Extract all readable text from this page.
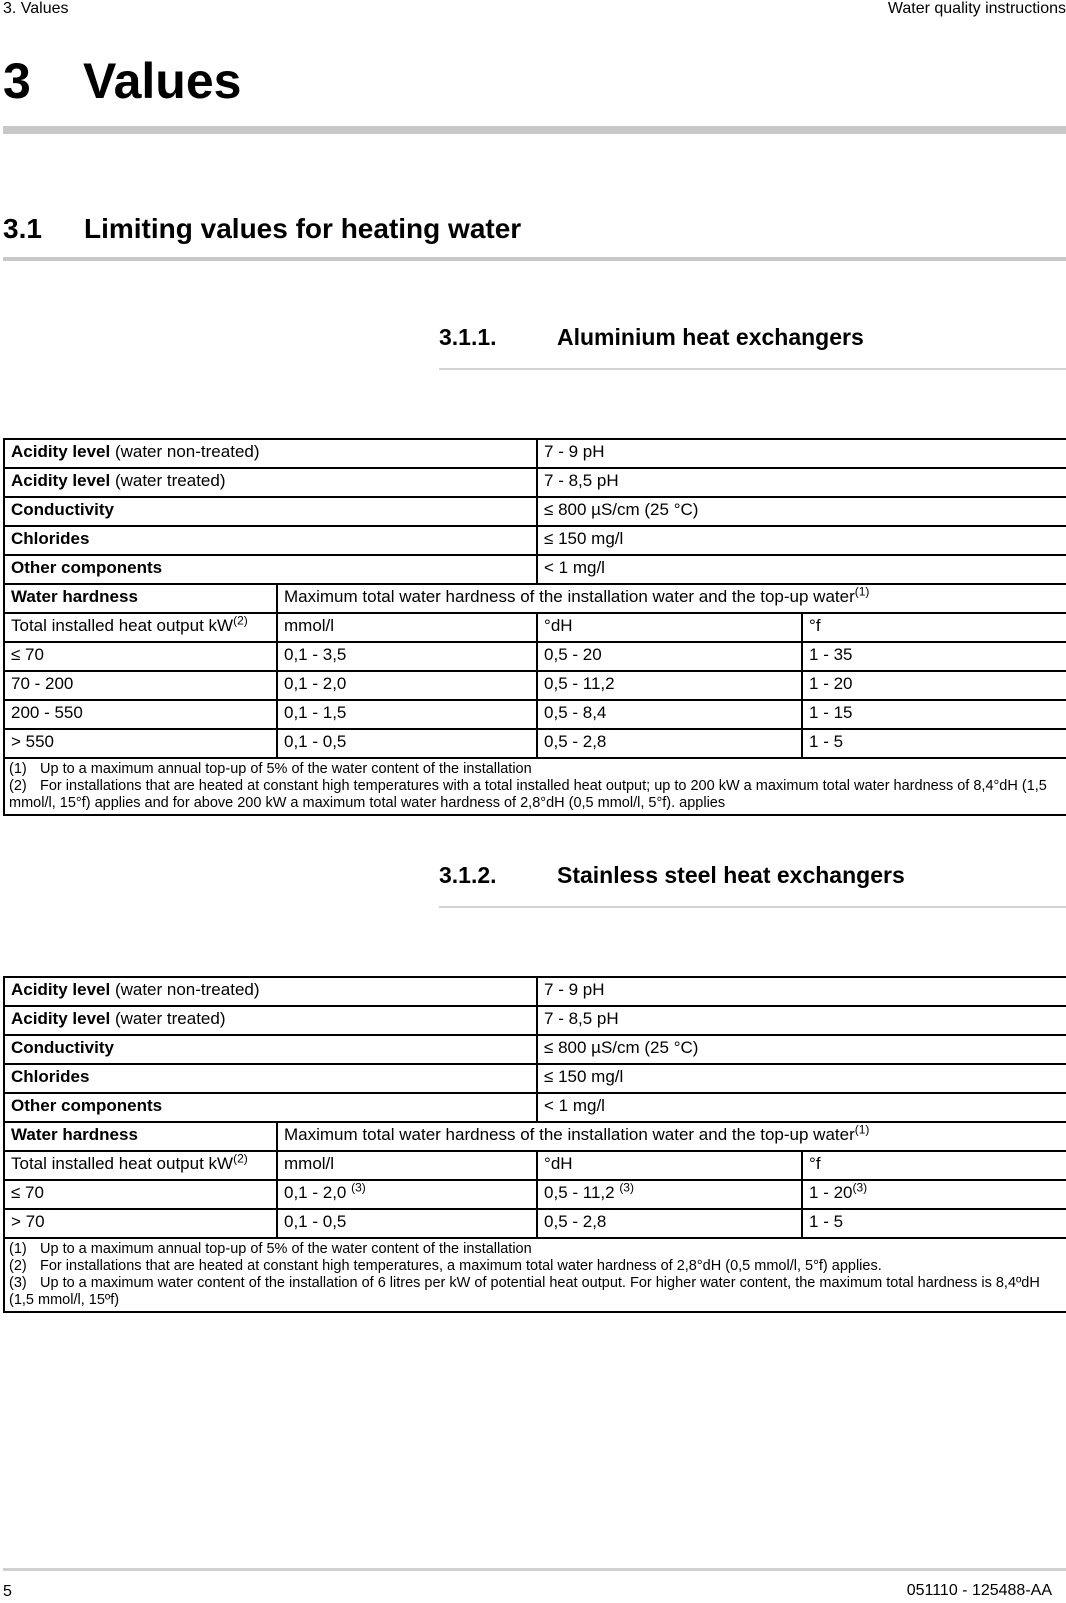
3. Values	Water quality instructions
3 Values
3.1 Limiting values for heating water
3.1.1.	Aluminium heat exchangers
Acidity level (water non-treated)		7 - 9 pH	
Acidity level (water treated)		7 - 8,5 pH	
Conductivity		≤ 800 µS/cm (25 °C)	
Chlorides		≤ 150 mg/l	
Other components		< 1 mg/l	
Water hardness	Maximum total water hardness of the installation water and the top-up water$^{(1)}$
Total installed heat output $kW^{(2)}$	mmol/l	°dH	°f
≤ 70	0,1 - 3,5	0,5 - 20	1 - 35
70 - 200	0,1 - 2,0	0,5 - 11,2	1 - 20
200 - 550	0,1 - 1,5	0,5 - 8,4	1 - 15
> 550	0,1 - 0,5	0,5 - 2,8	1 - 5

(1) Up to a maximum annual top-up of 5% of the water content of the installation
(2) For installations that are heated at constant high temperatures with a total installed heat output; up to 200 kW a maximum total water hardness of 8,4°dH (1,5 mmol/l, 15°f) applies and for above 200 kW a maximum total water hardness of 2,8°dH (0,5 mmol/l, 5°f). applies			
3.1.2.	Stainless steel heat exchangers
Acidity level (water non-treated)		7 - 9 pH	
Acidity level (water treated)		7 - 8,5 pH	
Conductivity		≤ 800 µS/cm (25 °C)	
Chlorides		≤ 150 mg/l	
Other components		< 1 mg/l	
Water hardness	Maximum total water hardness of the installation water and the top-up water$^{(1)}$
Total installed heat output $kW^{(2)}$	mmol/l	°dH	°f
≤ 70	0,1 - 2,0 $^{(3)}$	0,5 - 11,2 $^{(3)}$	$1 - 20^{(3)}$
> 70	0,1 - 0,5	0,5 - 2,8	1 - 5

(1) Up to a maximum annual top-up of 5% of the water content of the installation
(2) For installations that are heated at constant high temperatures, a maximum total water hardness of 2,8°dH (0,5 mmol/l, 5°f) applies.
(3) Up to a maximum water content of the installation of 6 litres per kW of potential heat output. For higher water content, the maximum total hardness is 8,4ºdH (1,5 mmol/l, 15ºf)			
5	051110 - 125488-AA
